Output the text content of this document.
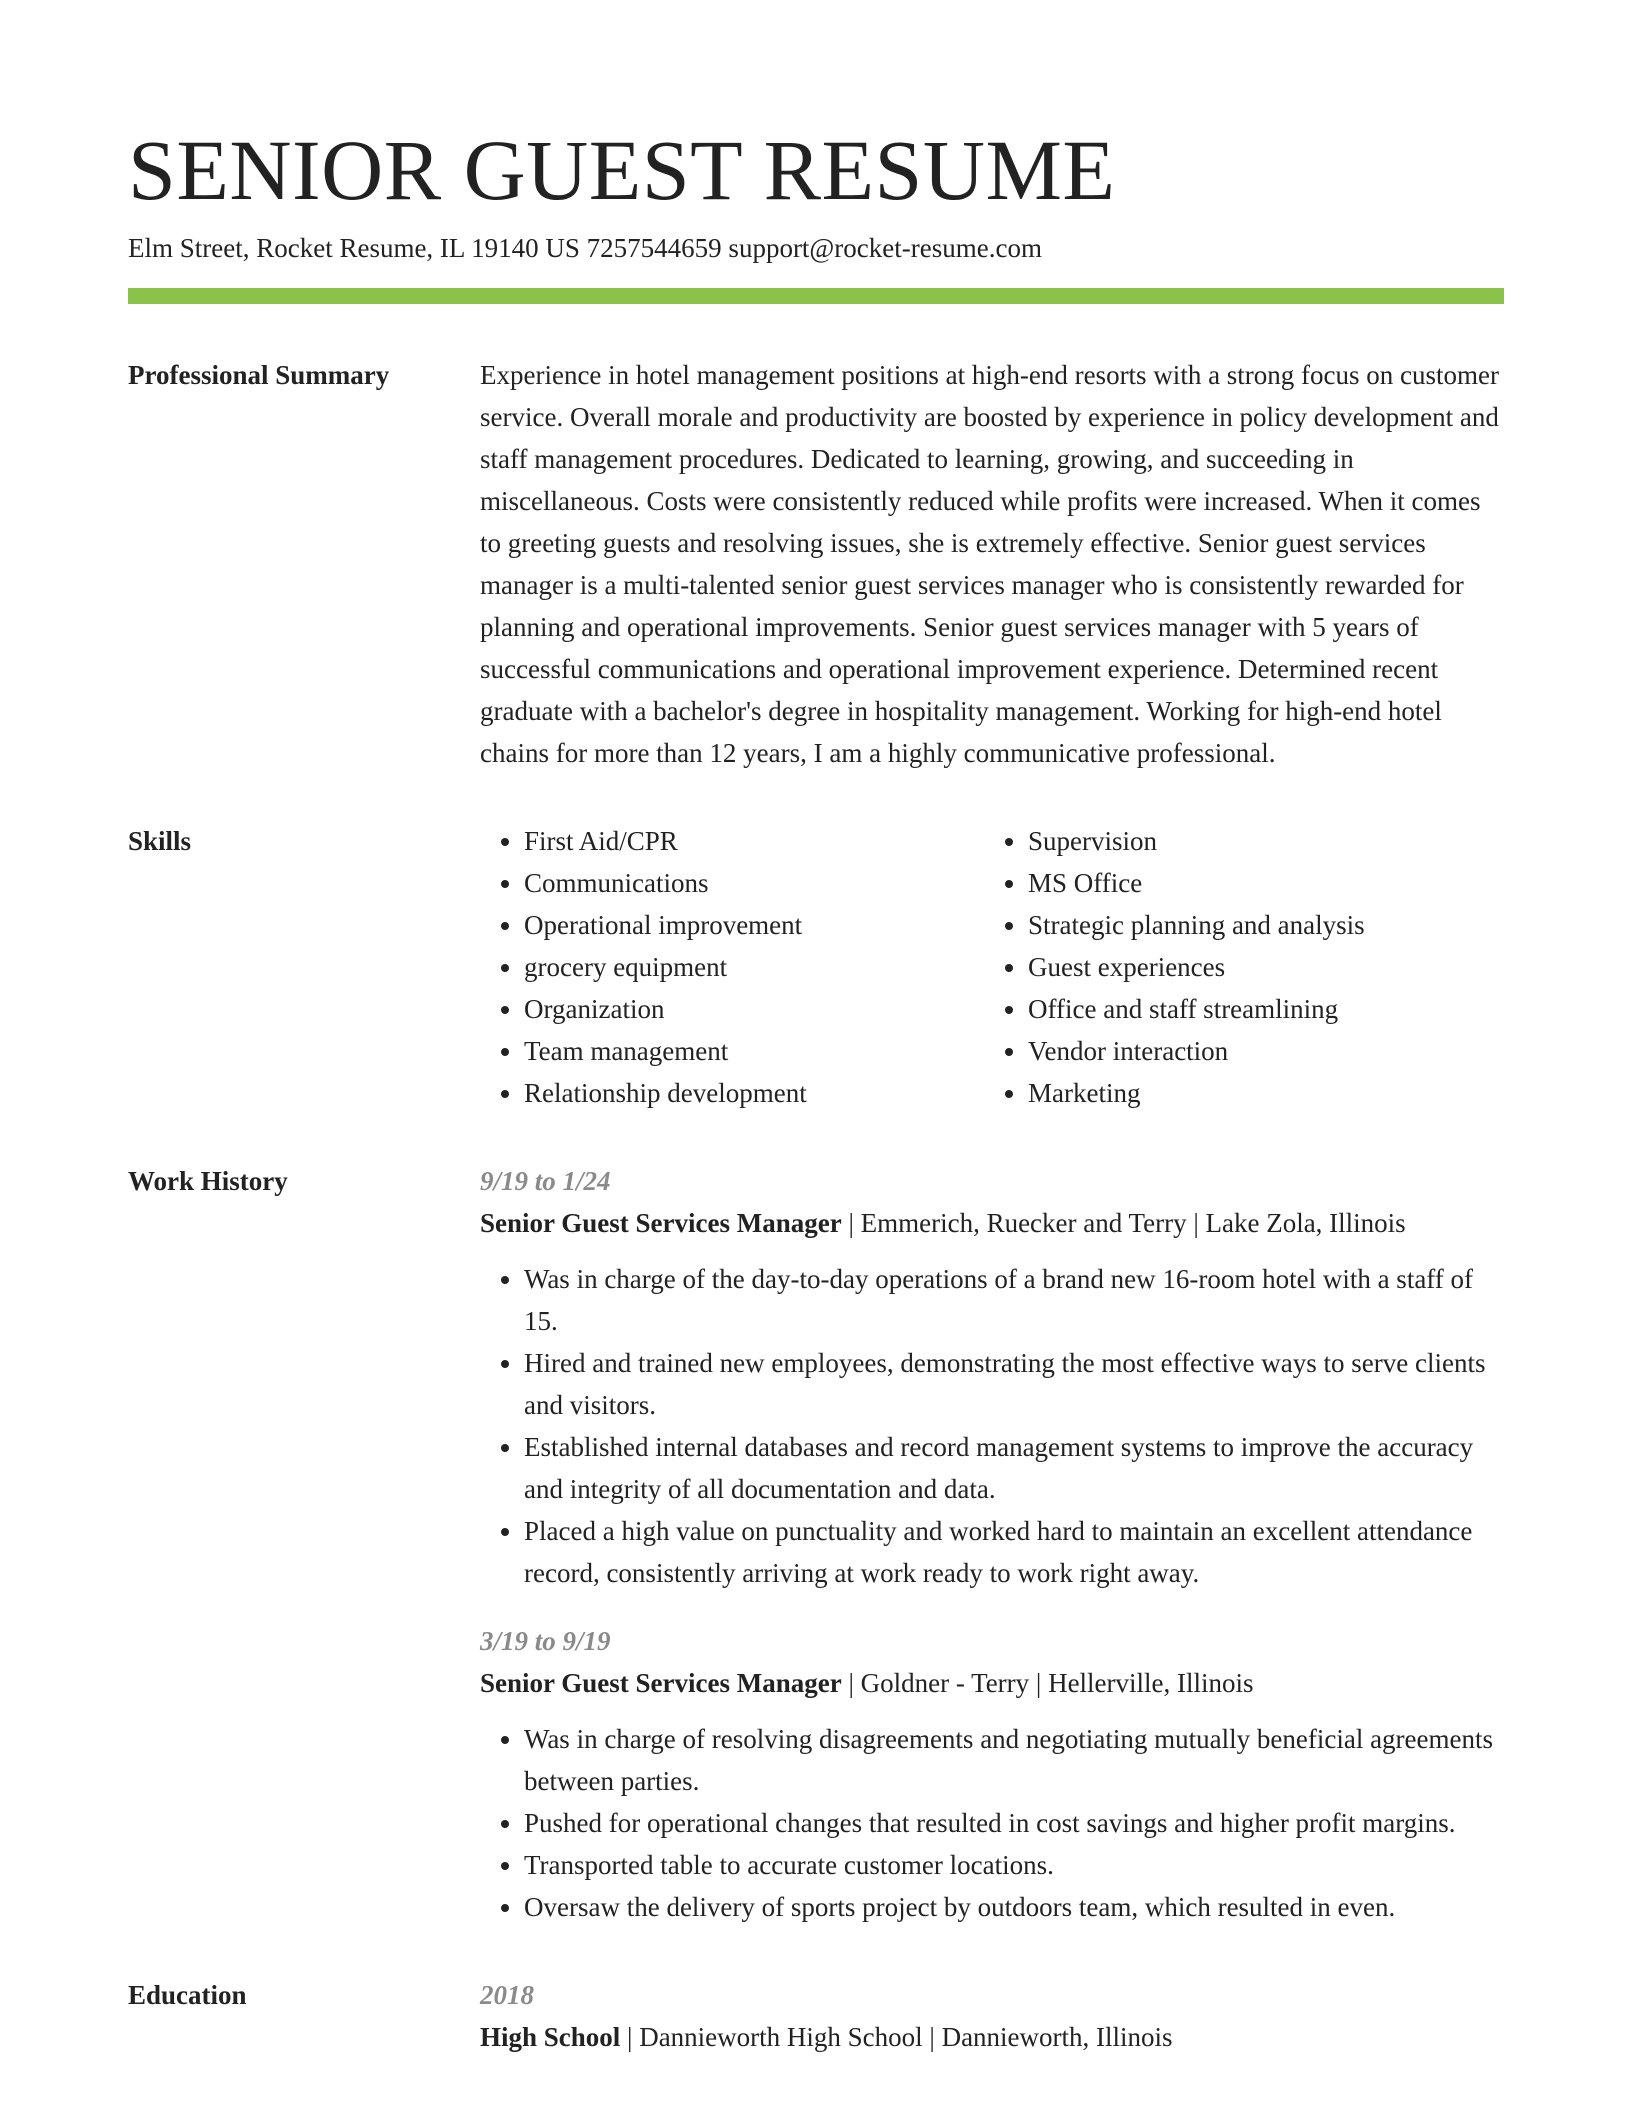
SENIOR GUEST RESUME
Elm Street, Rocket Resume, IL 19140 US 7257544659 support@rocket-resume.com
Professional Summary	Experience in hotel management positions at high-end resorts with a strong focus on customer service. Overall morale and productivity are boosted by experience in policy development and staff management procedures. Dedicated to learning, growing, and succeeding in miscellaneous. Costs were consistently reduced while profits were increased. When it comes to greeting guests and resolving issues, she is extremely effective. Senior guest services manager is a multi-talented senior guest services manager who is consistently rewarded for planning and operational improvements. Senior guest services manager with 5 years of successful communications and operational improvement experience. Determined recent graduate with a bachelor's degree in hospitality management. Working for high-end hotel chains for more than 12 years, I am a highly communicative professional.

Skills
•	First Aid/CPR
• Communications
• Operational improvement
• grocery equipment
• Organization
• Team management
• Relationship development
• Supervision
• MS Office
• Strategic planning and analysis
• Guest experiences
• Office and staff streamlining
• Vendor interaction
• Marketing
Work History	9/19 to 1/24
Senior Guest Services Manager | Emmerich, Ruecker and Terry | Lake Zola, Illinois
• Was in charge of the day-to-day operations of a brand new 16-room hotel with a staff of 15.
• Hired and trained new employees, demonstrating the most effective ways to serve clients and visitors.
• Established internal databases and record management systems to improve the accuracy and integrity of all documentation and data.
• Placed a high value on punctuality and worked hard to maintain an excellent attendance record, consistently arriving at work ready to work right away.
3/19 to 9/19
Senior Guest Services Manager | Goldner - Terry | Hellerville, Illinois
• Was in charge of resolving disagreements and negotiating mutually beneficial agreements between parties.
• Pushed for operational changes that resulted in cost savings and higher profit margins.
• Transported table to accurate customer locations.
• Oversaw the delivery of sports project by outdoors team, which resulted in even.
Education	2018
High School | Dannieworth High School | Dannieworth, Illinois
